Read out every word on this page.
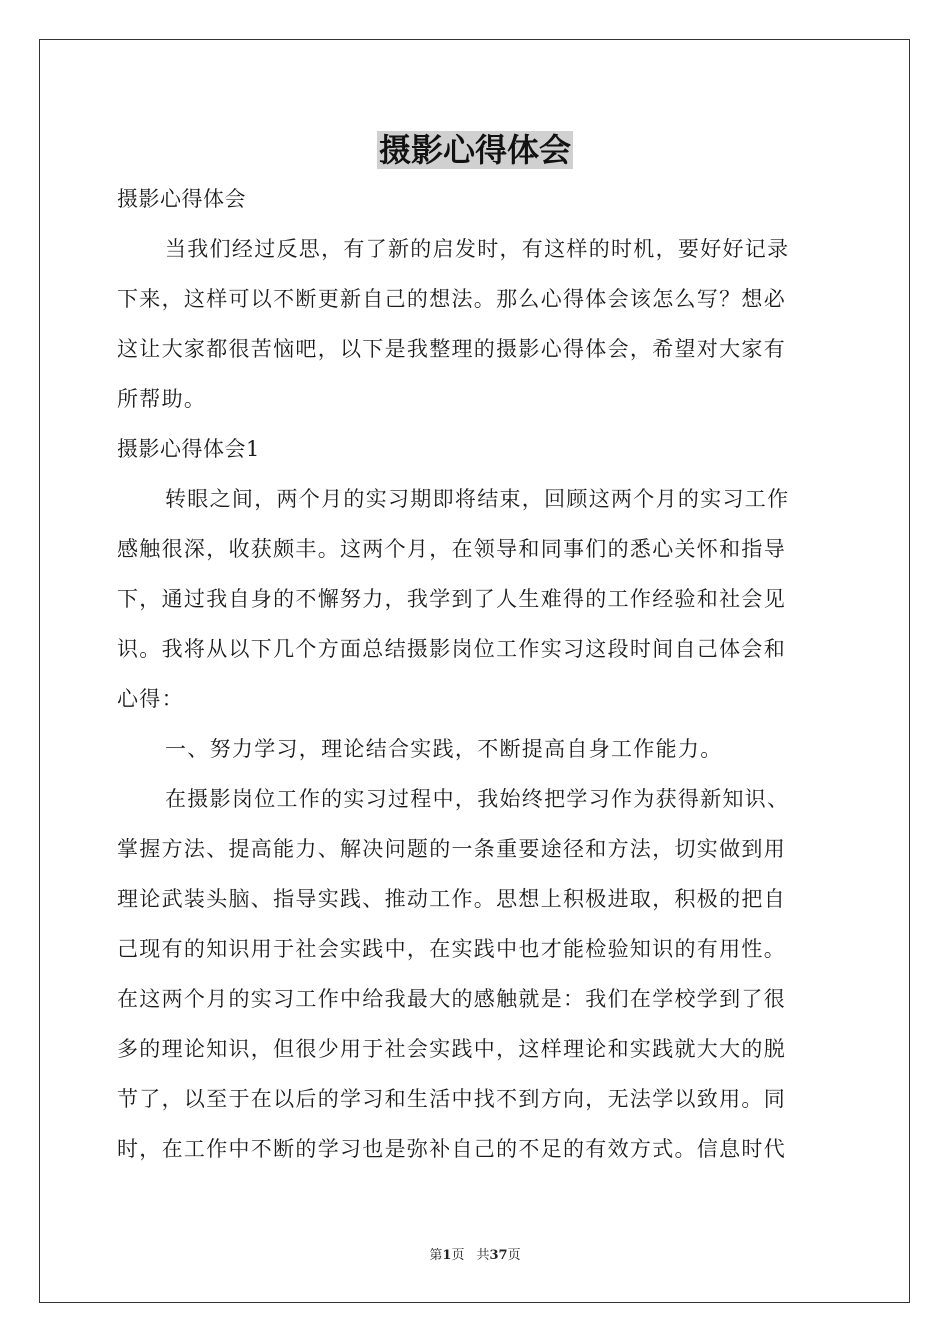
摄影心得体会
摄影心得体会
当我们经过反思，有了新的启发时，有这样的时机，要好好记录
下来，这样可以不断更新自己的想法。那么心得体会该怎么写？想必
这让大家都很苦恼吧，以下是我整理的摄影心得体会，希望对大家有
所帮助。
摄影心得体会1
转眼之间，两个月的实习期即将结束，回顾这两个月的实习工作
感触很深，收获颇丰。这两个月，在领导和同事们的悉心关怀和指导
下，通过我自身的不懈努力，我学到了人生难得的工作经验和社会见
识。我将从以下几个方面总结摄影岗位工作实习这段时间自己体会和
心得：
一、努力学习，理论结合实践，不断提高自身工作能力。
在摄影岗位工作的实习过程中，我始终把学习作为获得新知识、
掌握方法、提高能力、解决问题的一条重要途径和方法，切实做到用
理论武装头脑、指导实践、推动工作。思想上积极进取，积极的把自
己现有的知识用于社会实践中，在实践中也才能检验知识的有用性。
在这两个月的实习工作中给我最大的感触就是：我们在学校学到了很
多的理论知识，但很少用于社会实践中，这样理论和实践就大大的脱
节了，以至于在以后的学习和生活中找不到方向，无法学以致用。同
时，在工作中不断的学习也是弥补自己的不足的有效方式。信息时代
第1页 共37页
